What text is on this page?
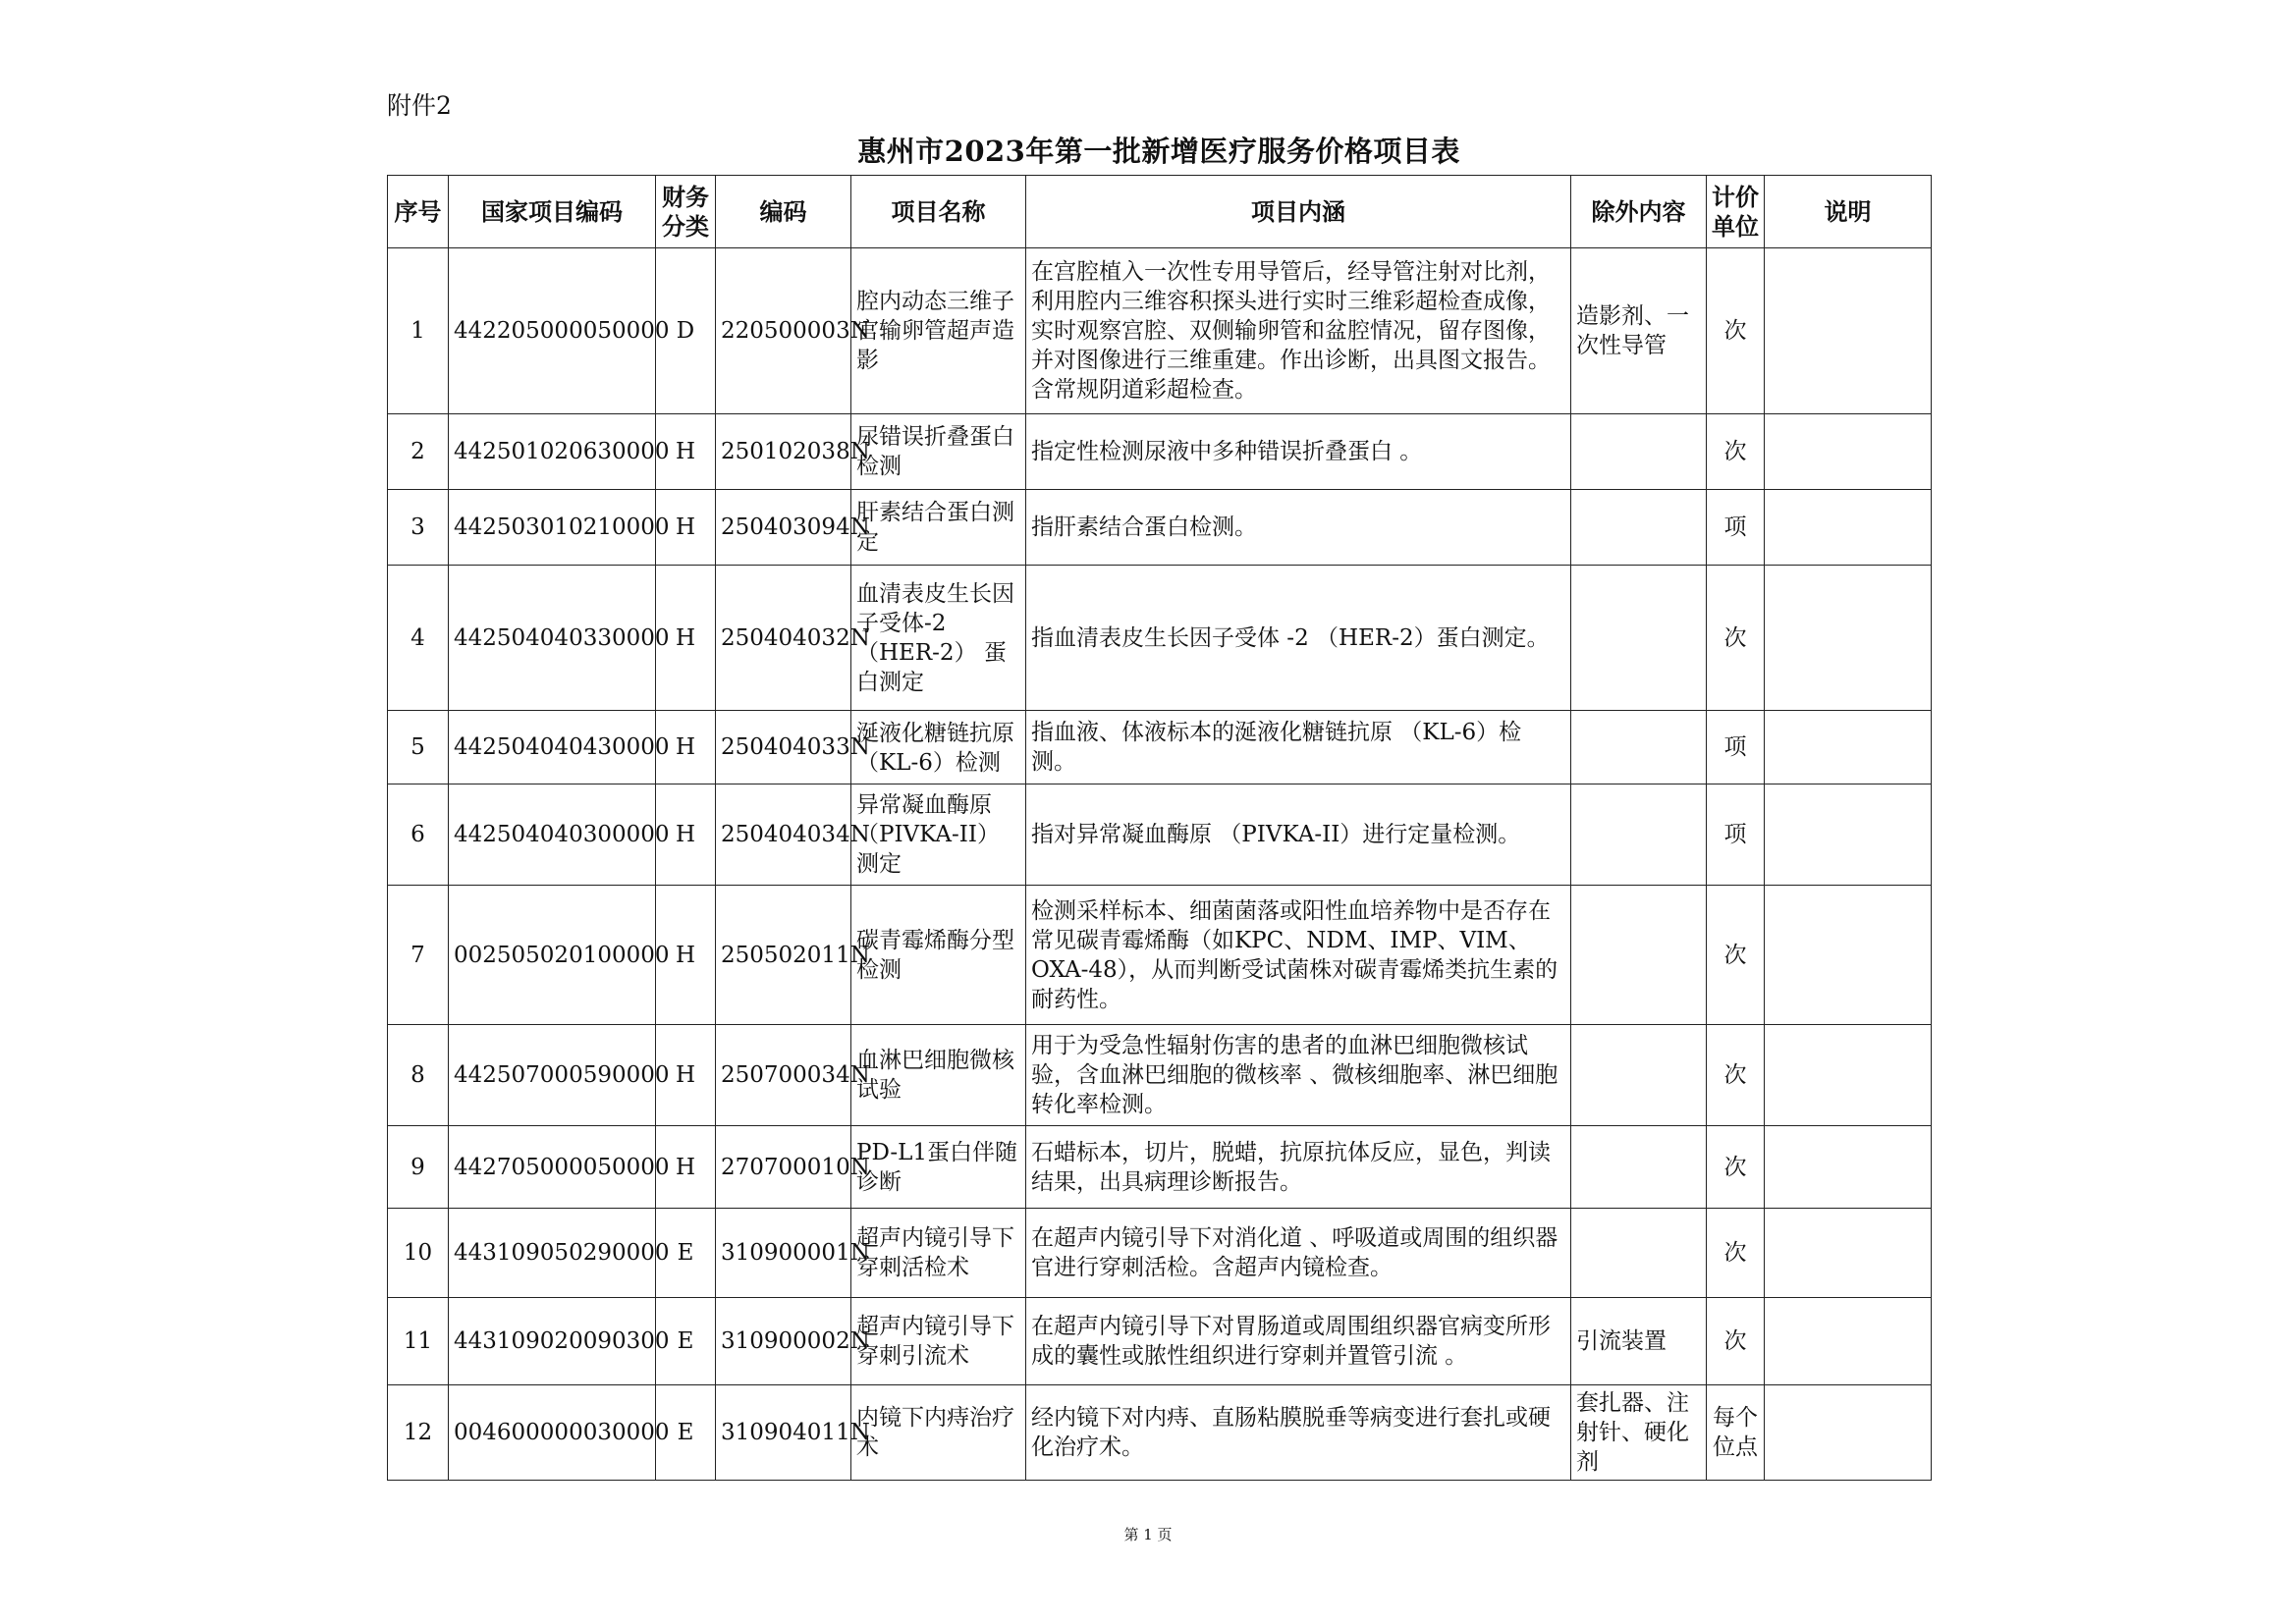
附件2
惠州市2023年第一批新增医疗服务价格项目表
序号	国家项目编码	财务分类	编码	项目名称	项目内涵	除外内容	计价单位	说明
1	442205000050000	D	220500003N	腔内动态三维子宫输卵管超声造影	在宫腔植入一次性专用导管后，经导管注射对比剂，利用腔内三维容积探头进行实时三维彩超检查成像，实时观察宫腔、双侧输卵管和盆腔情况，留存图像，并对图像进行三维重建。作出诊断，出具图文报告。含常规阴道彩超检查。	造影剂、一次性导管	次	
2	442501020630000	H	250102038N	尿错误折叠蛋白检测	指定性检测尿液中多种错误折叠蛋白 。		次	
3	442503010210000	H	250403094N	肝素结合蛋白测定	指肝素结合蛋白检测。		项	
4	442504040330000	H	250404032N	血清表皮生长因子受体-2（HER-2） 蛋白测定	指血清表皮生长因子受体 -2 （HER-2）蛋白测定。		次	
5	442504040430000	H	250404033N	涎液化糖链抗原（KL-6）检测	指血液、体液标本的涎液化糖链抗原 （KL-6）检测。		项	
6	442504040300000	H	250404034N	异常凝血酶原（PIVKA-II）测定	指对异常凝血酶原 （PIVKA-II）进行定量检测。		项	
7	002505020100000	H	250502011N	碳青霉烯酶分型检测	检测采样标本、细菌菌落或阳性血培养物中是否存在常见碳青霉烯酶（如KPC、NDM、IMP、VIM、OXA-48），从而判断受试菌株对碳青霉烯类抗生素的耐药性。		次	
8	442507000590000	H	250700034N	血淋巴细胞微核试验	用于为受急性辐射伤害的患者的血淋巴细胞微核试验，含血淋巴细胞的微核率 、微核细胞率、淋巴细胞转化率检测。		次	
9	442705000050000	H	270700010N	PD-L1蛋白伴随诊断	石蜡标本，切片，脱蜡，抗原抗体反应，显色，判读结果，出具病理诊断报告。		次	
10	443109050290000	E	310900001N	超声内镜引导下穿刺活检术	在超声内镜引导下对消化道 、呼吸道或周围的组织器官进行穿刺活检。含超声内镜检查。		次	
11	443109020090300	E	310900002N	超声内镜引导下穿刺引流术	在超声内镜引导下对胃肠道或周围组织器官病变所形成的囊性或脓性组织进行穿刺并置管引流 。	引流装置	次	
12	004600000030000	E	310904011N	内镜下内痔治疗术	经内镜下对内痔、直肠粘膜脱垂等病变进行套扎或硬化治疗术。	套扎器、注射针、硬化剂	每个位点	
第 1 页
